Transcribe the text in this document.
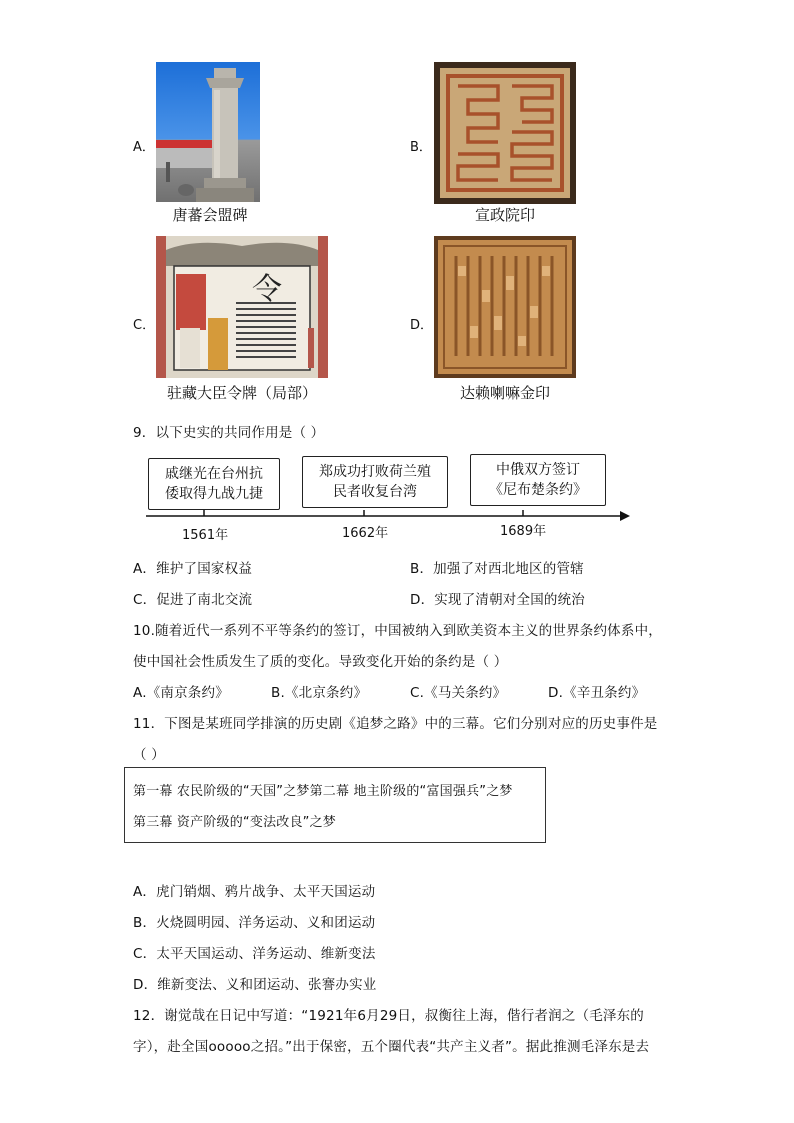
A．
唐蕃会盟碑
B．
宣政院印
C．
令
驻藏大臣令牌（局部）
D．
达赖喇嘛金印
9．以下史实的共同作用是（ ）
戚继光在台州抗
倭取得九战九捷
郑成功打败荷兰殖
民者收复台湾
中俄双方签订
《尼布楚条约》
1561年	1662年	1689年
A．维护了国家权益	B．加强了对西北地区的管辖
C．促进了南北交流	D．实现了清朝对全国的统治
10.随着近代一系列不平等条约的签订，中国被纳入到欧美资本主义的世界条约体系中，
使中国社会性质发生了质的变化。导致变化开始的条约是（ ）
A.《南京条约》	B.《北京条约》	C.《马关条约》	D.《辛丑条约》
11．下图是某班同学排演的历史剧《追梦之路》中的三幕。它们分别对应的历史事件是
（ ）
第一幕 农民阶级的“天国”之梦第二幕 地主阶级的“富国强兵”之梦
第三幕 资产阶级的“变法改良”之梦
A．虎门销烟、鸦片战争、太平天国运动
B．火烧圆明园、洋务运动、义和团运动
C．太平天国运动、洋务运动、维新变法
D．维新变法、义和团运动、张謇办实业
12．谢觉哉在日记中写道：“1921年6月29日，叔衡往上海，偕行者润之（毛泽东的
字），赴全国ooooo之招。”出于保密，五个圈代表“共产主义者”。据此推测毛泽东是去
